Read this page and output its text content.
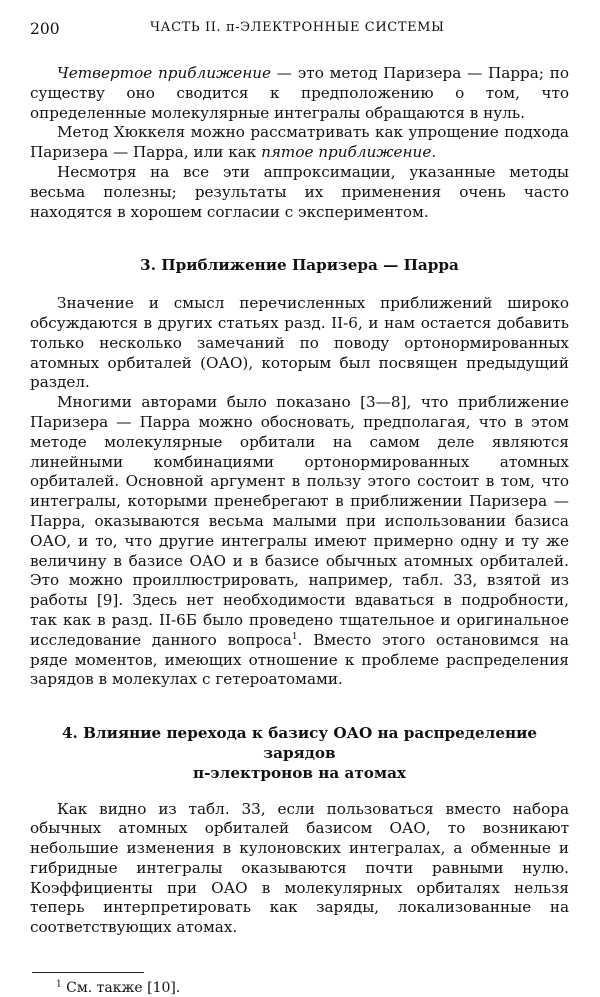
200	ЧАСТЬ II. π-ЭЛЕКТРОННЫЕ СИСТЕМЫ

Четвертое приближение — это метод Паризера — Парра; по существу оно сводится к предположению о том, что определенные молекулярные интегралы обращаются в нуль.

Метод Хюккеля можно рассматривать как упрощение подхода Паризера — Парра, или как пятое приближение.

Несмотря на все эти аппроксимации, указанные методы весьма полезны; результаты их применения очень часто находятся в хорошем согласии с экспериментом.

3. Приближение Паризера — Парра

Значение и смысл перечисленных приближений широко обсуждаются в других статьях разд. II-6, и нам остается добавить только несколько замечаний по поводу ортонормированных атомных орбиталей (ОАО), которым был посвящен предыдущий раздел.

Многими авторами было показано [3—8], что приближение Паризера — Парра можно обосновать, предполагая, что в этом методе молекулярные орбитали на самом деле являются линейными комбинациями ортонормированных атомных орбиталей. Основной аргумент в пользу этого состоит в том, что интегралы, которыми пренебрегают в приближении Паризера — Парра, оказываются весьма малыми при использовании базиса ОАО, и то, что другие интегралы имеют примерно одну и ту же величину в базисе ОАО и в базисе обычных атомных орбиталей. Это можно проиллюстрировать, например, табл. 33, взятой из работы [9]. Здесь нет необходимости вдаваться в подробности, так как в разд. II-6Б было проведено тщательное и оригинальное исследование данного вопроса$^1$. Вместо этого остановимся на ряде моментов, имеющих отношение к проблеме распределения зарядов в молекулах с гетероатомами.

4. Влияние перехода к базису ОАО на распределение зарядов
π-электронов на атомах

Как видно из табл. 33, если пользоваться вместо набора обычных атомных орбиталей базисом ОАО, то возникают небольшие изменения в кулоновских интегралах, а обменные и гибридные интегралы оказываются почти равными нулю. Коэффициенты при ОАО в молекулярных орбиталях нельзя теперь интерпретировать как заряды, локализованные на соответствующих атомах.

$^1$ См. также [10].
